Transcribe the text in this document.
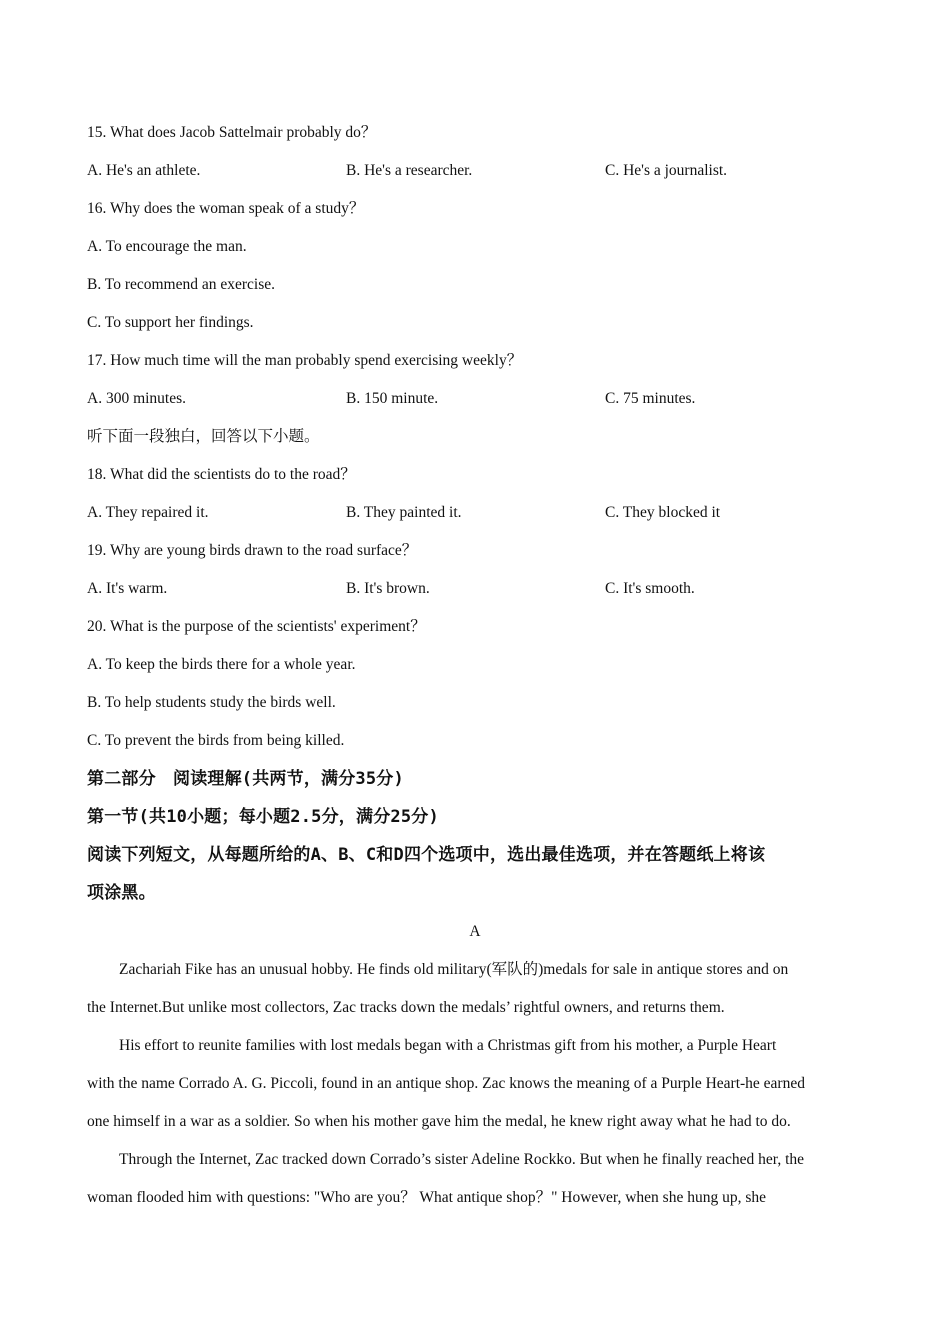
15. What does Jacob Sattelmair probably do？
A. He's an athlete.	B. He's a researcher.	C. He's a journalist.
16. Why does the woman speak of a study？
A. To encourage the man.
B. To recommend an exercise.
C. To support her findings.
17. How much time will the man probably spend exercising weekly？
A. 300 minutes.	B. 150 minute.	C. 75 minutes.
听下面一段独白，回答以下小题。
18. What did the scientists do to the road？
A. They repaired it.	B. They painted it.	C. They blocked it
19. Why are young birds drawn to the road surface？
A. It's warm.	B. It's brown.	C. It's smooth.
20. What is the purpose of the scientists' experiment？
A. To keep the birds there for a whole year.
B. To help students study the birds well.
C. To prevent the birds from being killed.
第二部分　阅读理解(共两节，满分35分)
第一节(共10小题；每小题2.5分，满分25分)
阅读下列短文，从每题所给的A、B、C和D四个选项中，选出最佳选项，并在答题纸上将该
项涂黑。
A
Zachariah Fike has an unusual hobby. He finds old military(军队的)medals for sale in antique stores and on
the Internet.But unlike most collectors, Zac tracks down the medals’ rightful owners, and returns them.
His effort to reunite families with lost medals began with a Christmas gift from his mother, a Purple Heart
with the name Corrado A. G. Piccoli, found in an antique shop. Zac knows the meaning of a Purple Heart-he earned
one himself in a war as a soldier. So when his mother gave him the medal, he knew right away what he had to do.
Through the Internet, Zac tracked down Corrado’s sister Adeline Rockko. But when he finally reached her, the
woman flooded him with questions: "Who are you？ What antique shop？" However, when she hung up, she
